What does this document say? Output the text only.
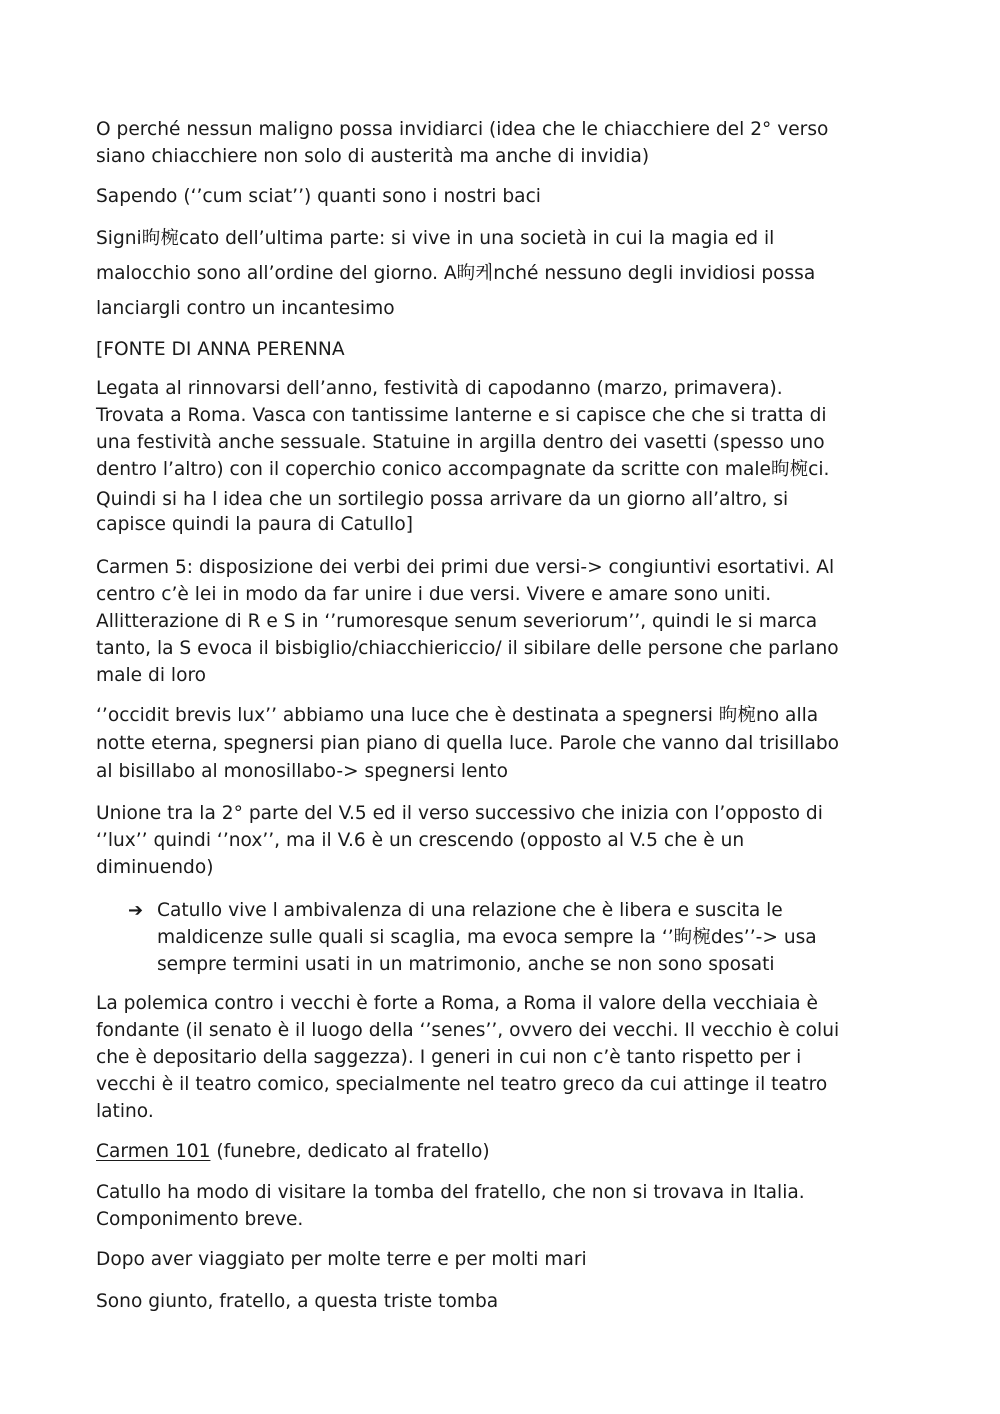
O perché nessun maligno possa invidiarci (idea che le chiacchiere del 2° verso
siano chiacchiere non solo di austerità ma anche di invidia)

Sapendo (‘’cum sciat’’) quanti sono i nostri baci

Signi昫椀cato dell’ultima parte: si vive in una società in cui la magia ed il
malocchio sono all’ordine del giorno. A昫케nché nessuno degli invidiosi possa
lanciargli contro un incantesimo

[FONTE DI ANNA PERENNA

Legata al rinnovarsi dell’anno, festività di capodanno (marzo, primavera).
Trovata a Roma. Vasca con tantissime lanterne e si capisce che che si tratta di
una festività anche sessuale. Statuine in argilla dentro dei vasetti (spesso uno
dentro l’altro) con il coperchio conico accompagnate da scritte con male昫椀ci.
Quindi si ha l idea che un sortilegio possa arrivare da un giorno all’altro, si
capisce quindi la paura di Catullo]

Carmen 5: disposizione dei verbi dei primi due versi-> congiuntivi esortativi. Al
centro c’è lei in modo da far unire i due versi. Vivere e amare sono uniti.
Allitterazione di R e S in ‘’rumoresque senum severiorum’’, quindi le si marca
tanto, la S evoca il bisbiglio/chiacchiericcio/ il sibilare delle persone che parlano
male di loro

‘’occidit brevis lux’’ abbiamo una luce che è destinata a spegnersi 昫椀no alla
notte eterna, spegnersi pian piano di quella luce. Parole che vanno dal trisillabo
al bisillabo al monosillabo-> spegnersi lento

Unione tra la 2° parte del V.5 ed il verso successivo che inizia con l’opposto di
‘’lux’’ quindi ‘’nox’’, ma il V.6 è un crescendo (opposto al V.5 che è un
diminuendo)

➔ Catullo vive l ambivalenza di una relazione che è libera e suscita le
maldicenze sulle quali si scaglia, ma evoca sempre la ‘’昫椀des’’-> usa
sempre termini usati in un matrimonio, anche se non sono sposati

La polemica contro i vecchi è forte a Roma, a Roma il valore della vecchiaia è
fondante (il senato è il luogo della ‘’senes’’, ovvero dei vecchi. Il vecchio è colui
che è depositario della saggezza). I generi in cui non c’è tanto rispetto per i
vecchi è il teatro comico, specialmente nel teatro greco da cui attinge il teatro
latino.

Carmen 101 (funebre, dedicato al fratello)

Catullo ha modo di visitare la tomba del fratello, che non si trovava in Italia.
Componimento breve.

Dopo aver viaggiato per molte terre e per molti mari

Sono giunto, fratello, a questa triste tomba
